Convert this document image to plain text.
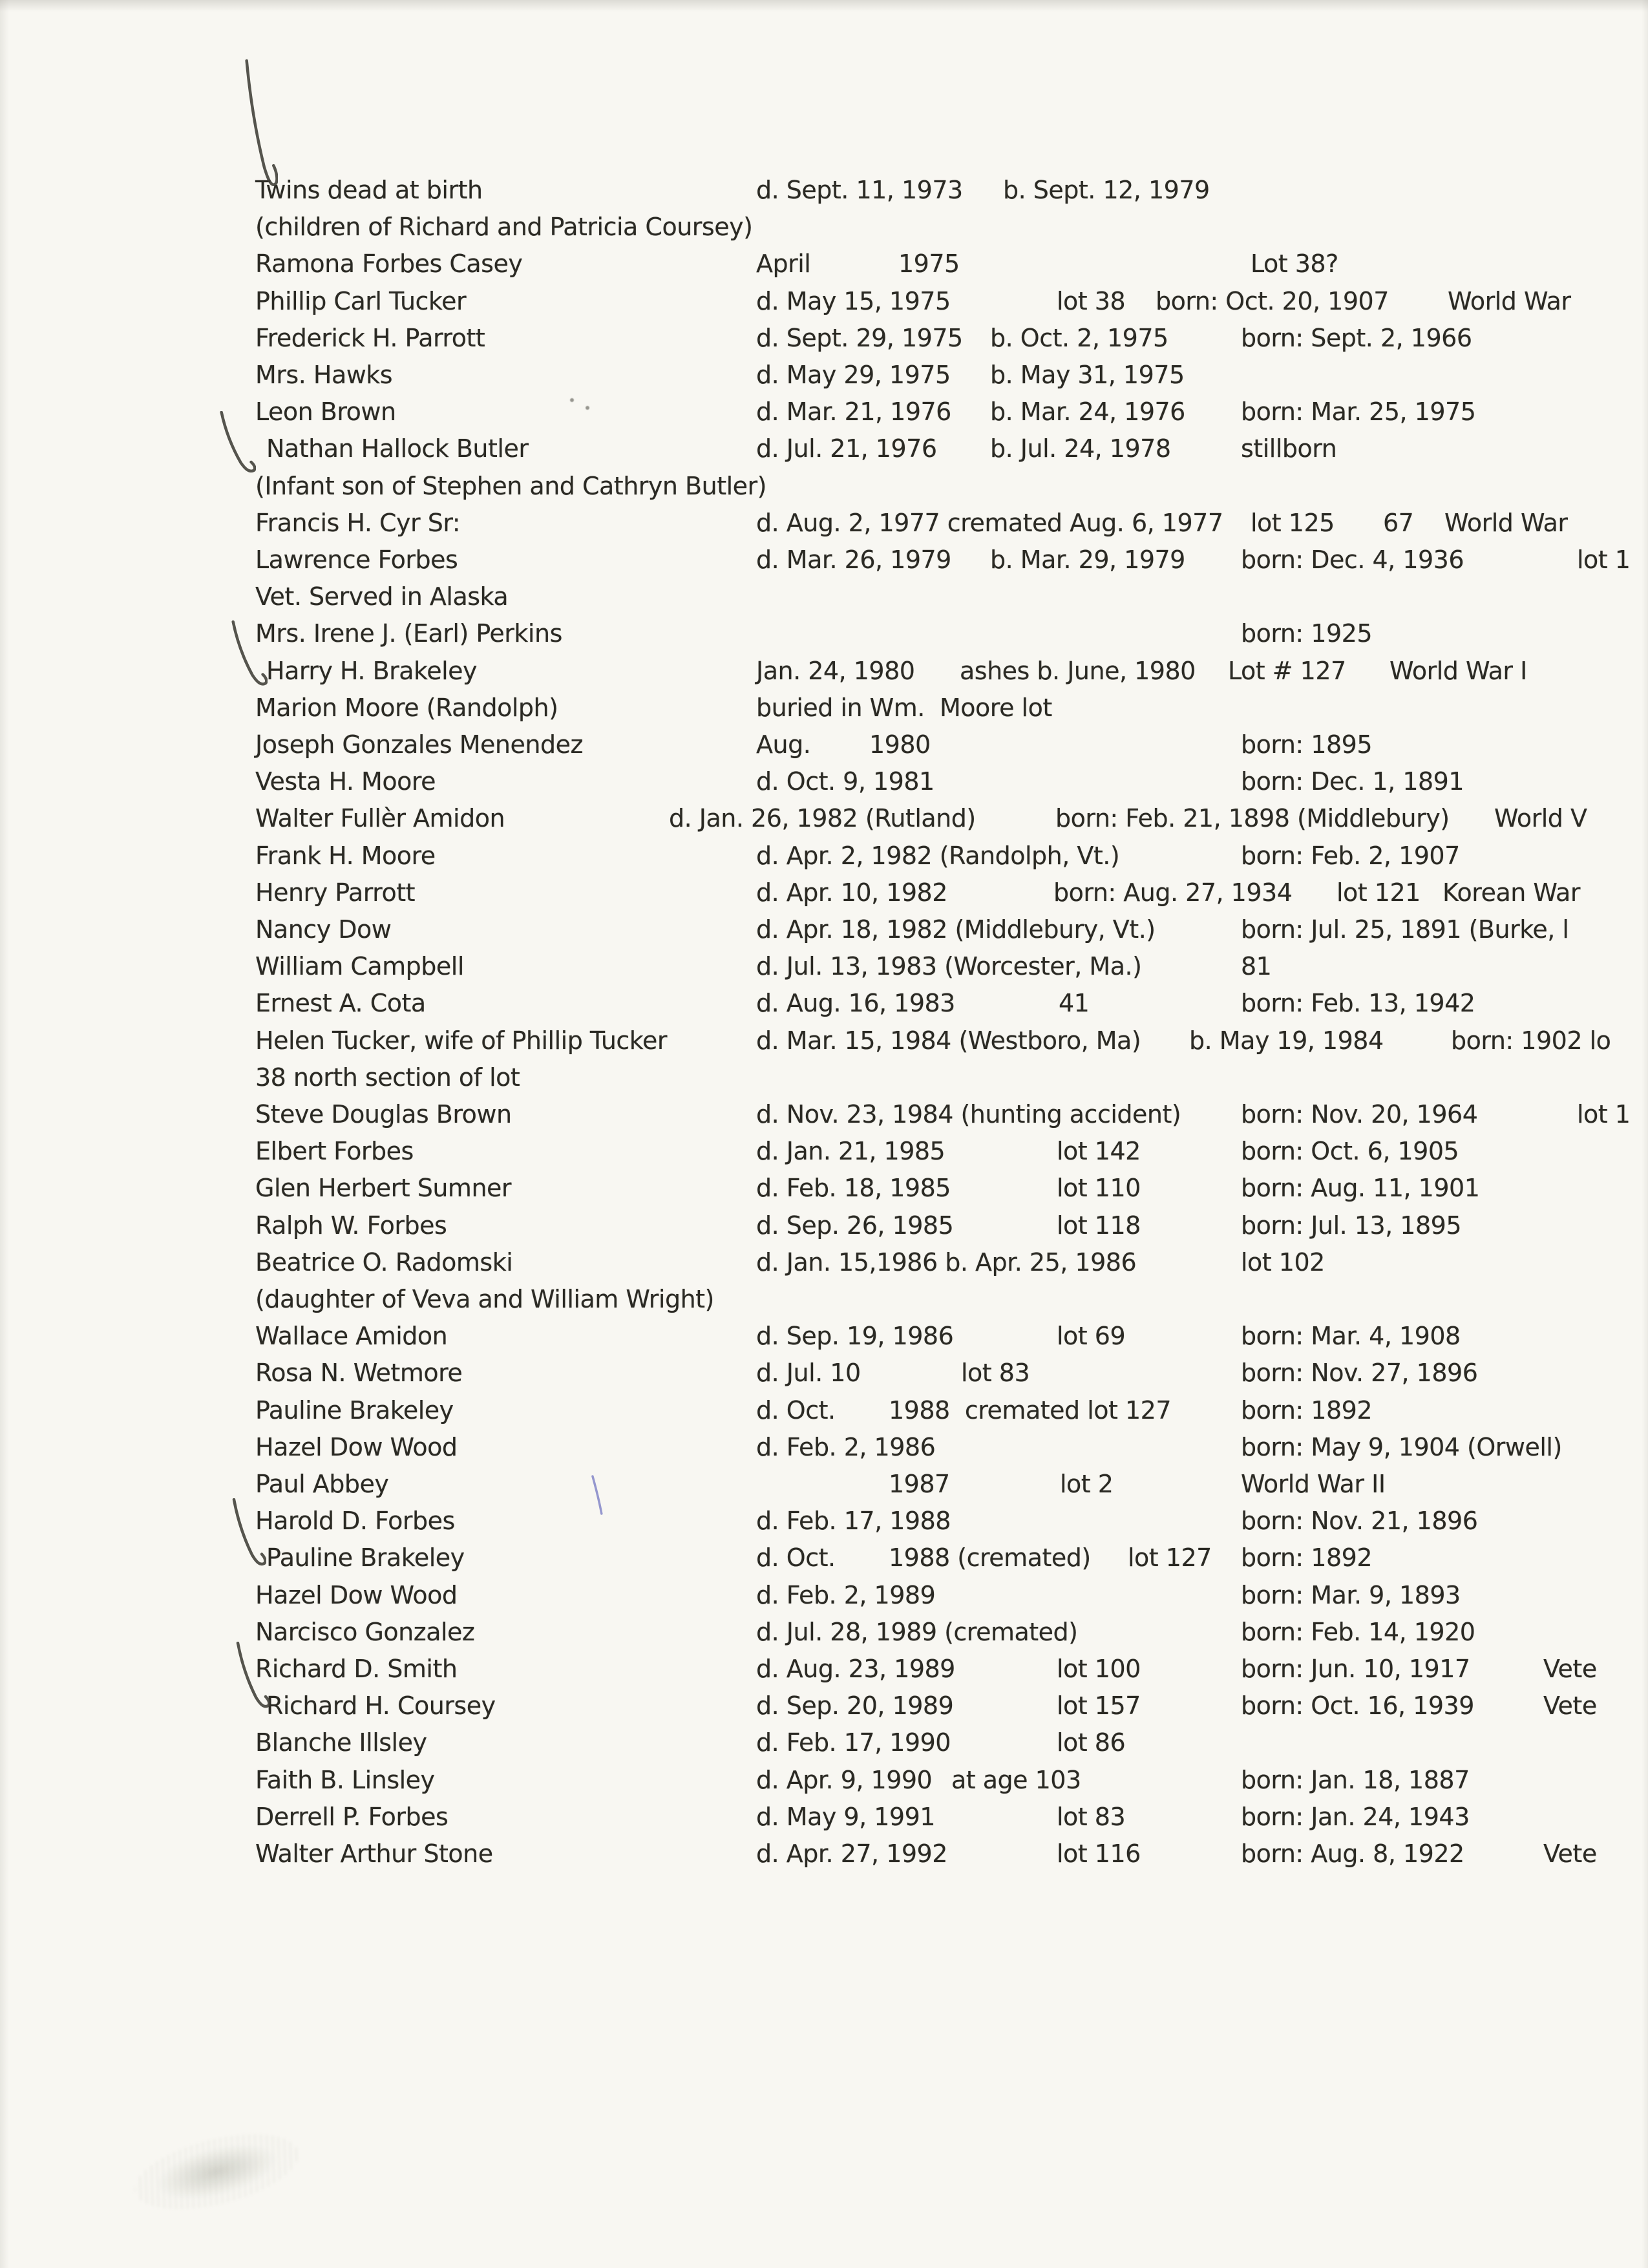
Twins dead at birth	d. Sept. 11, 1973 b. Sept. 12, 1979
(children of Richard and Patricia Coursey)
Ramona Forbes Casey	April	1975	Lot 38?
Phillip Carl Tucker	d. May 15, 1975	lot 38 born: Oct. 20, 1907 World War
Frederick H. Parrott	d. Sept. 29, 1975 b. Oct. 2, 1975	born: Sept. 2, 1966
Mrs. Hawks	d. May 29, 1975 b. May 31, 1975
Leon Brown	d. Mar. 21, 1976 b. Mar. 24, 1976 born: Mar. 25, 1975
Nathan Hallock Butler	d. Jul. 21, 1976 b. Jul. 24, 1978	stillborn
(Infant son of Stephen and Cathryn Butler)
Francis H. Cyr Sr:	d. Aug. 2, 1977 cremated Aug. 6, 1977 lot 125 67 World War
Lawrence Forbes	d. Mar. 26, 1979 b. Mar. 29, 1979 born: Dec. 4, 1936	lot 1
Vet. Served in Alaska
Mrs. Irene J. (Earl) Perkins	born: 1925
Harry H. Brakeley	Jan. 24, 1980 ashes b. June, 1980 Lot # 127 World War I
Marion Moore (Randolph)	buried in Wm.  Moore lot
Joseph Gonzales Menendez	Aug. 1980	born: 1895
Vesta H. Moore	d. Oct. 9, 1981	born: Dec. 1, 1891
Walter Fullèr Amidon	d. Jan. 26, 1982 (Rutland)	born: Feb. 21, 1898 (Middlebury) World V
Frank H. Moore	d. Apr. 2, 1982 (Randolph, Vt.)	born: Feb. 2, 1907
Henry Parrott	d. Apr. 10, 1982	born: Aug. 27, 1934 lot 121 Korean War
Nancy Dow	d. Apr. 18, 1982 (Middlebury, Vt.)	born: Jul. 25, 1891 (Burke, l
William Campbell	d. Jul. 13, 1983 (Worcester, Ma.)	81
Ernest A. Cota	d. Aug. 16, 1983	41	born: Feb. 13, 1942
Helen Tucker, wife of Phillip Tucker	d. Mar. 15, 1984 (Westboro, Ma) b. May 19, 1984	born: 1902 lo
38 north section of lot
Steve Douglas Brown	d. Nov. 23, 1984 (hunting accident) born: Nov. 20, 1964	lot 1
Elbert Forbes	d. Jan. 21, 1985	lot 142	born: Oct. 6, 1905
Glen Herbert Sumner	d. Feb. 18, 1985	lot 110	born: Aug. 11, 1901
Ralph W. Forbes	d. Sep. 26, 1985	lot 118	born: Jul. 13, 1895
Beatrice O. Radomski	d. Jan. 15,1986 b. Apr. 25, 1986	lot 102
(daughter of Veva and William Wright)
Wallace Amidon	d. Sep. 19, 1986	lot 69	born: Mar. 4, 1908
Rosa N. Wetmore	d. Jul. 10	lot 83	born: Nov. 27, 1896
Pauline Brakeley	d. Oct. 1988  cremated lot 127	born: 1892
Hazel Dow Wood	d. Feb. 2, 1986	born: May 9, 1904 (Orwell)
Paul Abbey	1987	lot 2	World War II
Harold D. Forbes	d. Feb. 17, 1988	born: Nov. 21, 1896
Pauline Brakeley	d. Oct. 1988 (cremated) lot 127 born: 1892
Hazel Dow Wood	d. Feb. 2, 1989	born: Mar. 9, 1893
Narcisco Gonzalez	d. Jul. 28, 1989 (cremated)	born: Feb. 14, 1920
Richard D. Smith	d. Aug. 23, 1989	lot 100	born: Jun. 10, 1917	Vete
Richard H. Coursey	d. Sep. 20, 1989	lot 157	born: Oct. 16, 1939	Vete
Blanche Illsley	d. Feb. 17, 1990	lot 86
Faith B. Linsley	d. Apr. 9, 1990 at age 103	born: Jan. 18, 1887
Derrell P. Forbes	d. May 9, 1991	lot 83	born: Jan. 24, 1943
Walter Arthur Stone	d. Apr. 27, 1992	lot 116	born: Aug. 8, 1922	Vete
